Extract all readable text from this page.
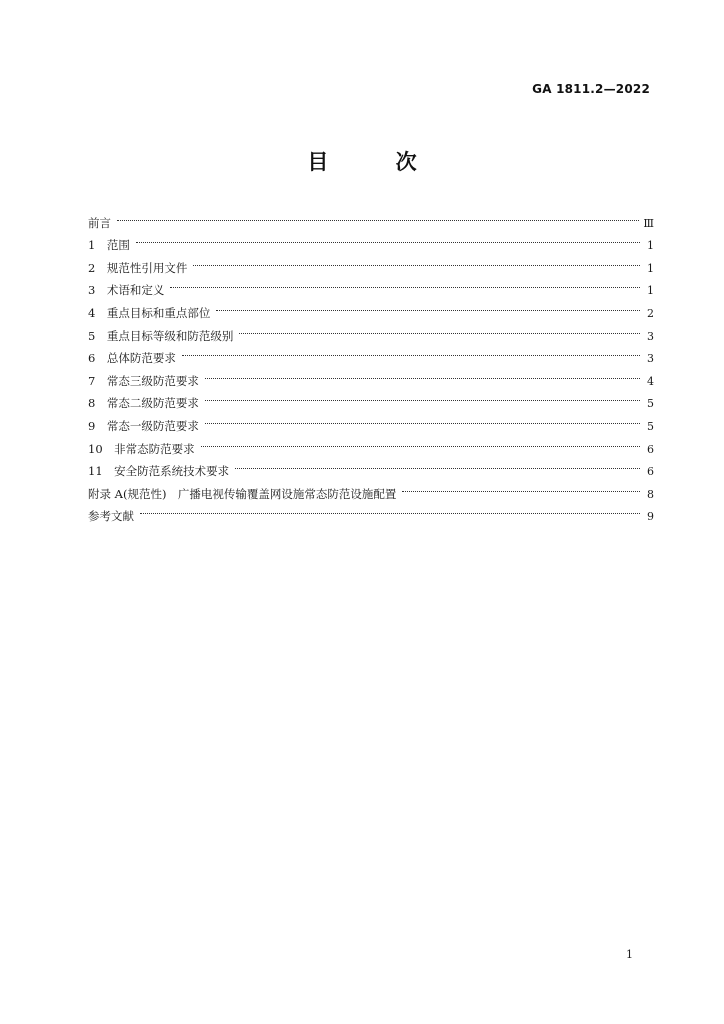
GA 1811.2—2022
目 次
前言	Ⅲ
1　范围	1
2　规范性引用文件	1
3　术语和定义	1
4　重点目标和重点部位	2
5　重点目标等级和防范级别	3
6　总体防范要求	3
7　常态三级防范要求	4
8　常态二级防范要求	5
9　常态一级防范要求	5
10　非常态防范要求	6
11　安全防范系统技术要求	6
附录 A(规范性)　广播电视传输覆盖网设施常态防范设施配置	8
参考文献	9
1
